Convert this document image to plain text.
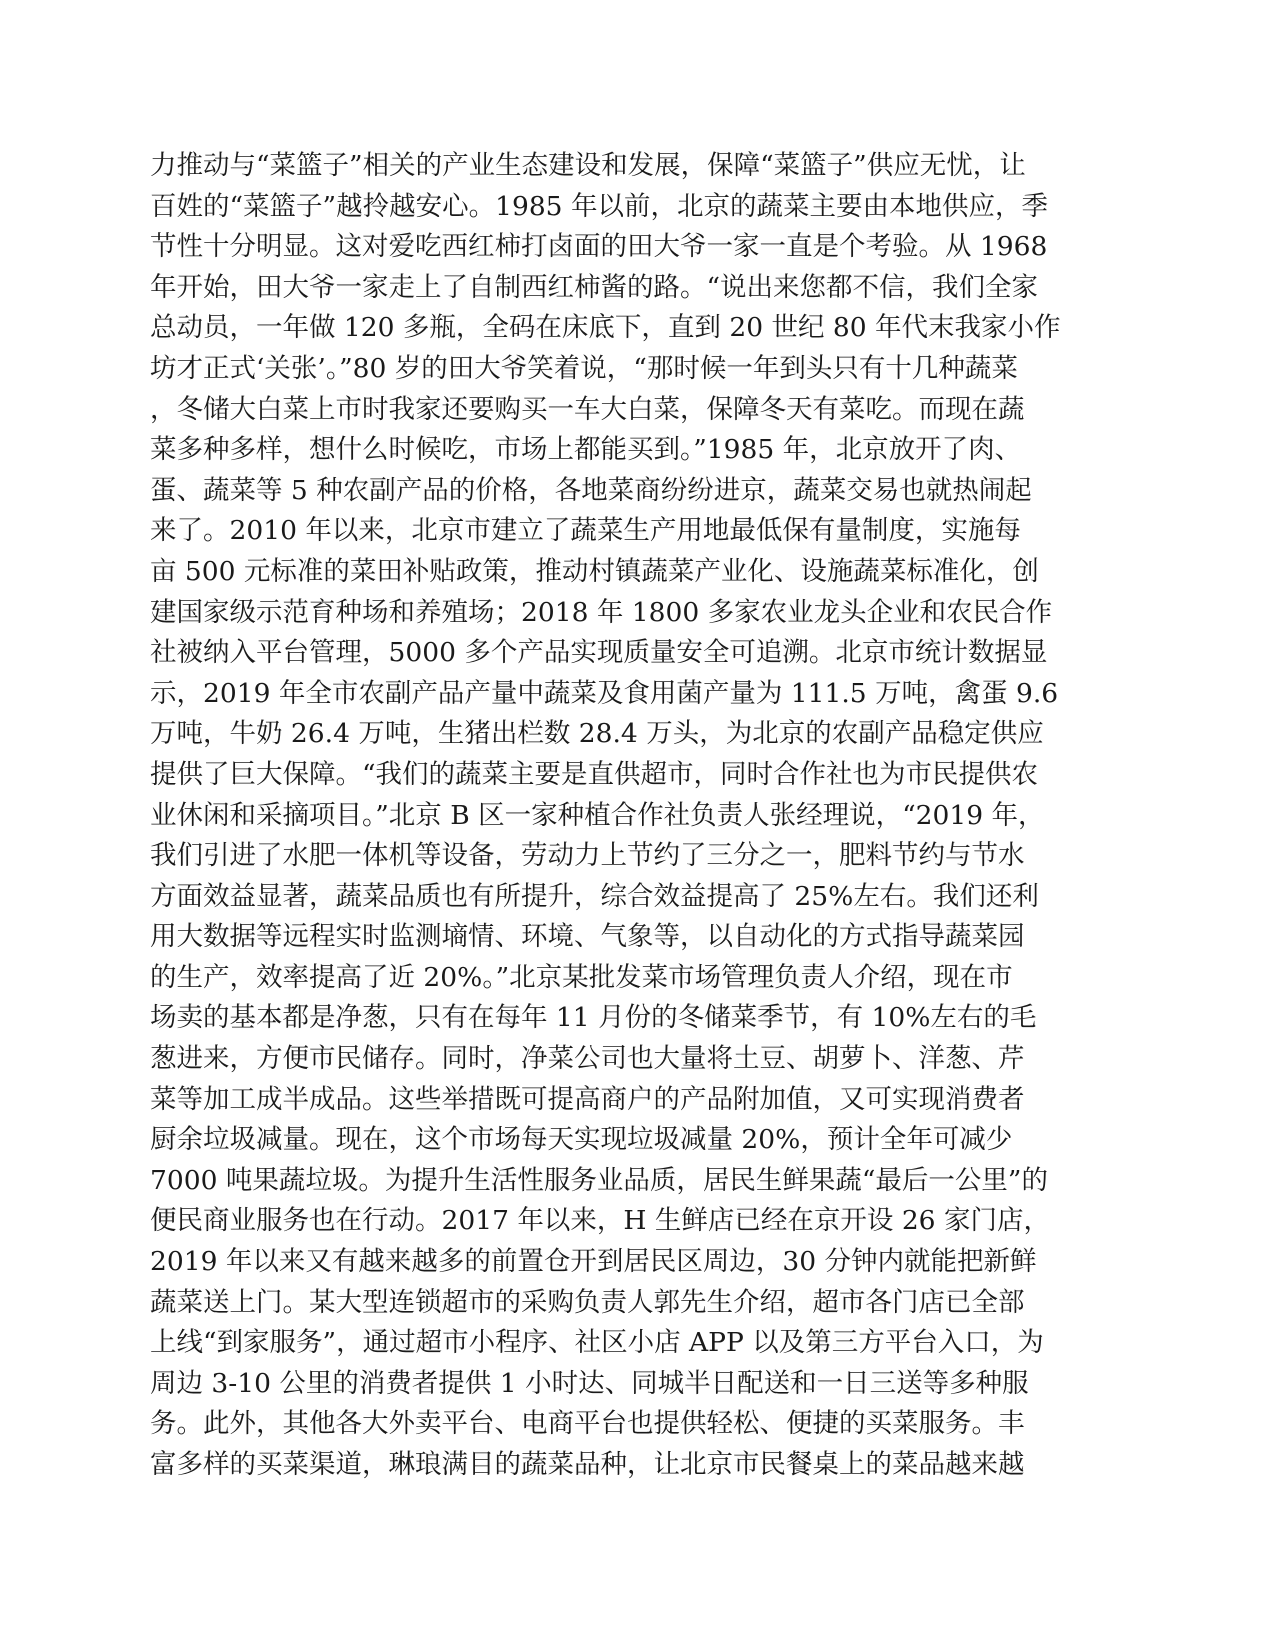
力推动与“菜篮子”相关的产业生态建设和发展，保障“菜篮子”供应无忧，让
百姓的“菜篮子”越拎越安心。1985 年以前，北京的蔬菜主要由本地供应，季
节性十分明显。这对爱吃西红柿打卤面的田大爷一家一直是个考验。从 1968
年开始，田大爷一家走上了自制西红柿酱的路。“说出来您都不信，我们全家
总动员，一年做 120 多瓶，全码在床底下，直到 20 世纪 80 年代末我家小作
坊才正式‘关张’。”80 岁的田大爷笑着说，“那时候一年到头只有十几种蔬菜
，冬储大白菜上市时我家还要购买一车大白菜，保障冬天有菜吃。而现在蔬
菜多种多样，想什么时候吃，市场上都能买到。”1985 年，北京放开了肉、
蛋、蔬菜等 5 种农副产品的价格，各地菜商纷纷进京，蔬菜交易也就热闹起
来了。2010 年以来，北京市建立了蔬菜生产用地最低保有量制度，实施每
亩 500 元标准的菜田补贴政策，推动村镇蔬菜产业化、设施蔬菜标准化，创
建国家级示范育种场和养殖场；2018 年 1800 多家农业龙头企业和农民合作
社被纳入平台管理，5000 多个产品实现质量安全可追溯。北京市统计数据显
示，2019 年全市农副产品产量中蔬菜及食用菌产量为 111.5 万吨，禽蛋 9.6
万吨，牛奶 26.4 万吨，生猪出栏数 28.4 万头，为北京的农副产品稳定供应
提供了巨大保障。“我们的蔬菜主要是直供超市，同时合作社也为市民提供农
业休闲和采摘项目。”北京 B 区一家种植合作社负责人张经理说，“2019 年，
我们引进了水肥一体机等设备，劳动力上节约了三分之一，肥料节约与节水
方面效益显著，蔬菜品质也有所提升，综合效益提高了 25%左右。我们还利
用大数据等远程实时监测墒情、环境、气象等，以自动化的方式指导蔬菜园
的生产，效率提高了近 20%。”北京某批发菜市场管理负责人介绍，现在市
场卖的基本都是净葱，只有在每年 11 月份的冬储菜季节，有 10%左右的毛
葱进来，方便市民储存。同时，净菜公司也大量将土豆、胡萝卜、洋葱、芹
菜等加工成半成品。这些举措既可提高商户的产品附加值，又可实现消费者
厨余垃圾减量。现在，这个市场每天实现垃圾减量 20%，预计全年可减少
7000 吨果蔬垃圾。为提升生活性服务业品质，居民生鲜果蔬“最后一公里”的
便民商业服务也在行动。2017 年以来，H 生鲜店已经在京开设 26 家门店，
2019 年以来又有越来越多的前置仓开到居民区周边，30 分钟内就能把新鲜
蔬菜送上门。某大型连锁超市的采购负责人郭先生介绍，超市各门店已全部
上线“到家服务”，通过超市小程序、社区小店 APP 以及第三方平台入口，为
周边 3-10 公里的消费者提供 1 小时达、同城半日配送和一日三送等多种服
务。此外，其他各大外卖平台、电商平台也提供轻松、便捷的买菜服务。丰
富多样的买菜渠道，琳琅满目的蔬菜品种，让北京市民餐桌上的菜品越来越
